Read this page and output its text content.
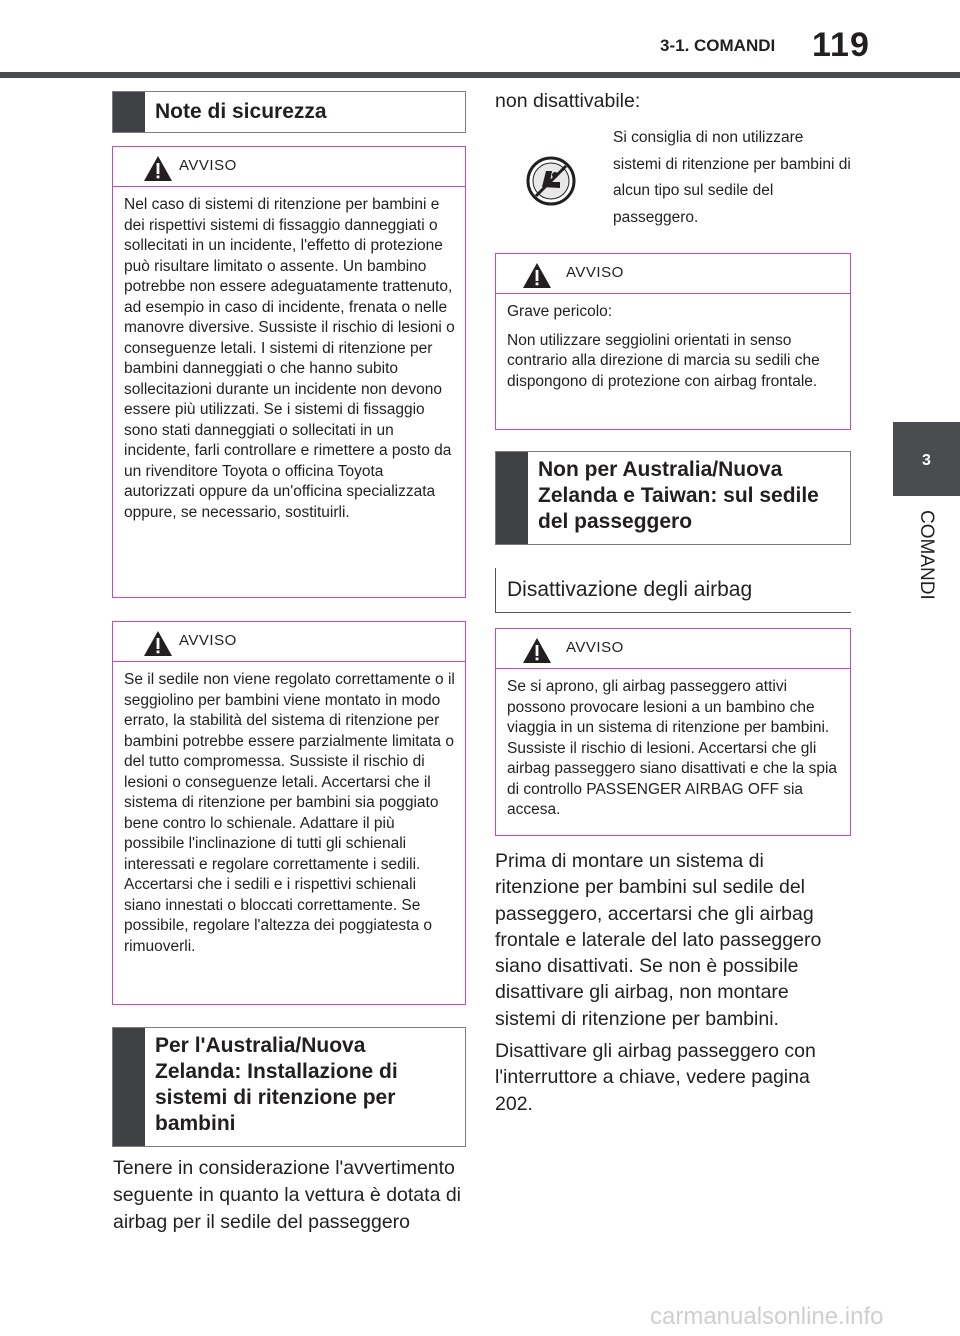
3-1. COMANDI 119
3
COMANDI
Note di sicurezza
AVVISO
Nel caso di sistemi di ritenzione per bambini e dei rispettivi sistemi di fissaggio danneggiati o sollecitati in un incidente, l'effetto di protezione può risultare limitato o assente. Un bambino potrebbe non essere adeguatamente trattenuto, ad esempio in caso di incidente, frenata o nelle manovre diversive. Sussiste il rischio di lesioni o conseguenze letali. I sistemi di ritenzione per bambini danneggiati o che hanno subito sollecitazioni durante un incidente non devono essere più utilizzati. Se i sistemi di fissaggio sono stati danneggiati o sollecitati in un incidente, farli controllare e rimettere a posto da un rivenditore Toyota o officina Toyota autorizzati oppure da un'officina specializzata oppure, se necessario, sostituirli.
AVVISO
Se il sedile non viene regolato correttamente o il seggiolino per bambini viene montato in modo errato, la stabilità del sistema di ritenzione per bambini potrebbe essere parzialmente limitata o del tutto compromessa. Sussiste il rischio di lesioni o conseguenze letali. Accertarsi che il sistema di ritenzione per bambini sia poggiato bene contro lo schienale. Adattare il più possibile l'inclinazione di tutti gli schienali interessati e regolare correttamente i sedili. Accertarsi che i sedili e i rispettivi schienali siano innestati o bloccati correttamente. Se possibile, regolare l'altezza dei poggiatesta o rimuoverli.
Per l'Australia/Nuova Zelanda: Installazione di sistemi di ritenzione per bambini
Tenere in considerazione l'avvertimento seguente in quanto la vettura è dotata di airbag per il sedile del passeggero
non disattivabile:
Si consiglia di non utilizzare sistemi di ritenzione per bambini di alcun tipo sul sedile del passeggero.
AVVISO

Grave pericolo:

Non utilizzare seggiolini orientati in senso contrario alla direzione di marcia su sedili che dispongono di protezione con airbag frontale.

Non per Australia/Nuova Zelanda e Taiwan: sul sedile del passeggero
Disattivazione degli airbag
AVVISO
Se si aprono, gli airbag passeggero attivi possono provocare lesioni a un bambino che viaggia in un sistema di ritenzione per bambini. Sussiste il rischio di lesioni. Accertarsi che gli airbag passeggero siano disattivati e che la spia di controllo PASSENGER AIRBAG OFF sia accesa.
Prima di montare un sistema di ritenzione per bambini sul sedile del passeggero, accertarsi che gli airbag frontale e laterale del lato passeggero siano disattivati. Se non è possibile disattivare gli airbag, non montare sistemi di ritenzione per bambini.
Disattivare gli airbag passeggero con l'interruttore a chiave, vedere pagina 202.
carmanualsonline.info
